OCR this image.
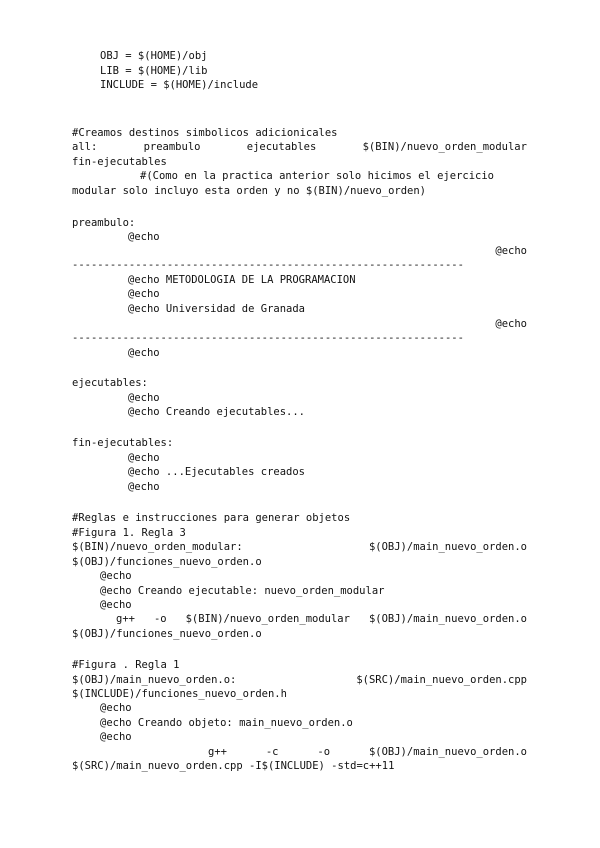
OBJ = $(HOME)/obj
LIB = $(HOME)/lib
INCLUDE = $(HOME)/include
#Creamos destinos simbolicos adicionicales
all:	preambulo	ejecutables	$(BIN)/nuevo_orden_modular
fin-ejecutables
#(Como en la practica anterior solo hicimos el ejercicio
modular solo incluyo esta orden y no $(BIN)/nuevo_orden)
preambulo:
@echo
@echo
--------------------------------------------------------------
@echo METODOLOGIA DE LA PROGRAMACION
@echo
@echo Universidad de Granada
@echo
--------------------------------------------------------------
@echo
ejecutables:
@echo
@echo Creando ejecutables...
fin-ejecutables:
@echo
@echo ...Ejecutables creados
@echo
#Reglas e instrucciones para generar objetos
#Figura 1. Regla 3
$(BIN)/nuevo_orden_modular:	$(OBJ)/main_nuevo_orden.o
$(OBJ)/funciones_nuevo_orden.o
@echo
@echo Creando ejecutable: nuevo_orden_modular
@echo
g++ -o $(BIN)/nuevo_orden_modular $(OBJ)/main_nuevo_orden.o
$(OBJ)/funciones_nuevo_orden.o
#Figura . Regla 1
$(OBJ)/main_nuevo_orden.o:	$(SRC)/main_nuevo_orden.cpp
$(INCLUDE)/funciones_nuevo_orden.h
@echo
@echo Creando objeto: main_nuevo_orden.o
@echo
g++	-c	-o	$(OBJ)/main_nuevo_orden.o
$(SRC)/main_nuevo_orden.cpp -I$(INCLUDE) -std=c++11
